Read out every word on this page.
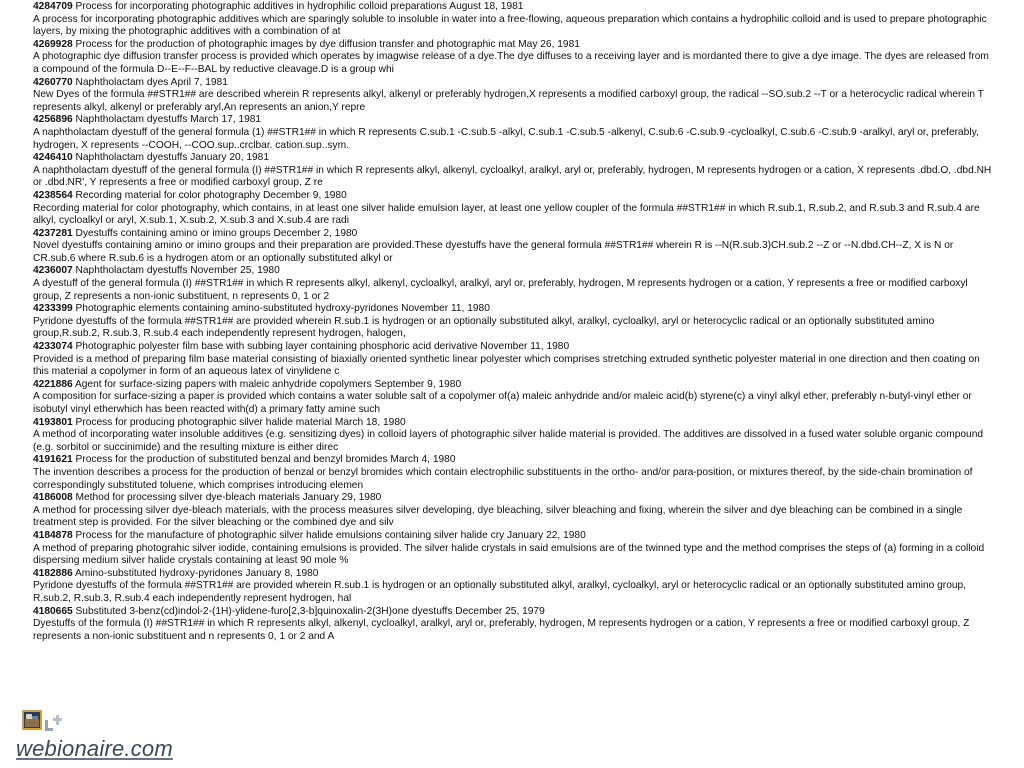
4284709 Process for incorporating photographic additives in hydrophilic colloid preparations August 18, 1981
A process for incorporating photographic additives which are sparingly soluble to insoluble in water into a free-flowing, aqueous preparation which contains a hydrophilic colloid and is used to prepare photographic layers, by mixing the photographic additives with a combination of at
4269928 Process for the production of photographic images by dye diffusion transfer and photographic mat May 26, 1981
A photographic dye diffusion transfer process is provided which operates by imagwise release of a dye.The dye diffuses to a receiving layer and is mordanted there to give a dye image. The dyes are released from a compound of the formula D--E--F--BAL by reductive cleavage.D is a group whi
4260770 Naphtholactam dyes April 7, 1981
New Dyes of the formula ##STR1## are described wherein R represents alkyl, alkenyl or preferably hydrogen,X represents a modified carboxyl group, the radical --SO.sub.2 --T or a heterocyclic radical wherein T represents alkyl, alkenyl or preferably aryl,An represents an anion,Y repre
4256896 Naphtholactam dyestuffs March 17, 1981
A naphtholactam dyestuff of the general formula (1) ##STR1## in which R represents C.sub.1 -C.sub.5 -alkyl, C.sub.1 -C.sub.5 -alkenyl, C.sub.6 -C.sub.9 -cycloalkyl, C.sub.6 -C.sub.9 -aralkyl, aryl or, preferably, hydrogen, X represents --COOH, --COO.sup..crclbar. cation.sup..sym.
4246410 Naphtholactam dyestuffs January 20, 1981
A naphtholactam dyestuff of the general formula (I) ##STR1## in which R represents alkyl, alkenyl, cycloalkyl, aralkyl, aryl or, preferably, hydrogen, M represents hydrogen or a cation, X represents .dbd.O, .dbd.NH or .dbd.NR', Y represents a free or modified carboxyl group, Z re
4238564 Recording material for color photography December 9, 1980
Recording material for color photography, which contains, in at least one silver halide emulsion layer, at least one yellow coupler of the formula ##STR1## in which R.sub.1, R.sub.2, and R.sub.3 and R.sub.4 are alkyl, cycloalkyl or aryl, X.sub.1, X.sub.2, X.sub.3 and X.sub.4 are radi
4237281 Dyestuffs containing amino or imino groups December 2, 1980
Novel dyestuffs containing amino or imino groups and their preparation are provided.These dyestuffs have the general formula ##STR1## wherein R is --N(R.sub.3)CH.sub.2 --Z or --N.dbd.CH--Z, X is N or CR.sub.6 where R.sub.6 is a hydrogen atom or an optionally substituted alkyl or
4236007 Naphtholactam dyestuffs November 25, 1980
A dyestuff of the general formula (I) ##STR1## in which R represents alkyl, alkenyl, cycloalkyl, aralkyl, aryl or, preferably, hydrogen, M represents hydrogen or a cation, Y represents a free or modified carboxyl group, Z represents a non-ionic substituent, n represents 0, 1 or 2
4233399 Photographic elements containing amino-substituted hydroxy-pyridones November 11, 1980
Pyridone dyestuffs of the formula ##STR1## are provided wherein R.sub.1 is hydrogen or an optionally substituted alkyl, aralkyl, cycloalkyl, aryl or heterocyclic radical or an optionally substituted amino group,R.sub.2, R.sub.3, R.sub.4 each independently represent hydrogen, halogen,
4233074 Photographic polyester film base with subbing layer containing phosphoric acid derivative November 11, 1980
Provided is a method of preparing film base material consisting of biaxially oriented synthetic linear polyester which comprises stretching extruded synthetic polyester material in one direction and then coating on this material a copolymer in form of an aqueous latex of vinylidene c
4221886 Agent for surface-sizing papers with maleic anhydride copolymers September 9, 1980
A composition for surface-sizing a paper is provided which contains a water soluble salt of a copolymer of(a) maleic anhydride and/or maleic acid(b) styrene(c) a vinyl alkyl ether, preferably n-butyl-vinyl ether or isobutyl vinyl etherwhich has been reacted with(d) a primary fatty amine such
4193801 Process for producing photographic silver halide material March 18, 1980
A method of incorporating water insoluble additives (e.g. sensitizing dyes) in colloid layers of photographic silver halide material is provided. The additives are dissolved in a fused water soluble organic compound (e.g. sorbitol or succinimide) and the resulting mixture is either direc
4191621 Process for the production of substituted benzal and benzyl bromides March 4, 1980
The invention describes a process for the production of benzal or benzyl bromides which contain electrophilic substituents in the ortho- and/or para-position, or mixtures thereof, by the side-chain bromination of correspondingly substituted toluene, which comprises introducing elemen
4186008 Method for processing silver dye-bleach materials January 29, 1980
A method for processing silver dye-bleach materials, with the process measures silver developing, dye bleaching, silver bleaching and fixing, wherein the silver and dye bleaching can be combined in a single treatment step is provided. For the silver bleaching or the combined dye and silv
4184878 Process for the manufacture of photographic silver halide emulsions containing silver halide cry January 22, 1980
A method of preparing photograhic silver iodide, containing emulsions is provided. The silver halide crystals in said emulsions are of the twinned type and the method comprises the steps of (a) forming in a colloid dispersing medium silver halide crystals containing at least 90 mole %
4182886 Amino-substituted hydroxy-pyridones January 8, 1980
Pyridone dyestuffs of the formula ##STR1## are provided wherein R.sub.1 is hydrogen or an optionally substituted alkyl, aralkyl, cycloalkyl, aryl or heterocyclic radical or an optionally substituted amino group, R.sub.2, R.sub.3, R.sub.4 each independently represent hydrogen, hal
4180665 Substituted 3-benz(cd)indol-2-(1H)-ylidene-furo[2,3-b]quinoxalin-2(3H)one dyestuffs December 25, 1979
Dyestuffs of the formula (I) ##STR1## in which R represents alkyl, alkenyl, cycloalkyl, aralkyl, aryl or, preferably, hydrogen, M represents hydrogen or a cation, Y represents a free or modified carboxyl group, Z represents a non-ionic substituent and n represents 0, 1 or 2 and A
webionaire.com
